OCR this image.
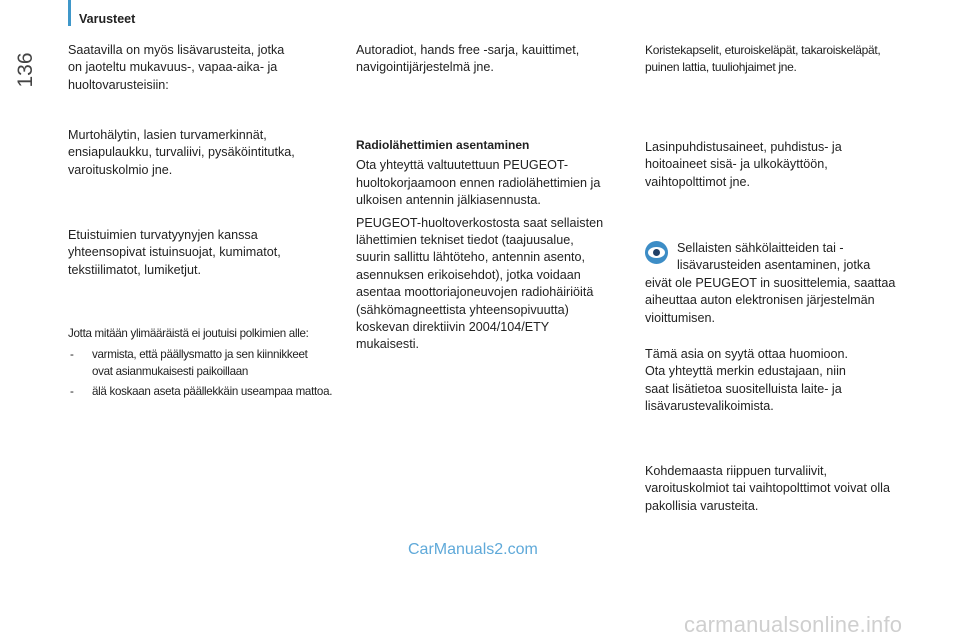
Varusteet
136

Saatavilla on myös lisävarusteita, jotka

on jaoteltu mukavuus-, vapaa-aika- ja

huoltovarusteisiin:

Murtohälytin, lasien turvamerkinnät,

ensiapulaukku, turvaliivi, pysäköintitutka,

varoituskolmio jne.

Etuistuimien turvatyynyjen kanssa

yhteensopivat istuinsuojat, kumimatot,

tekstiilimatot, lumiketjut.

Jotta mitään ylimääräistä ei joutuisi polkimien alle:

-	varmista, että päällysmatto ja sen kiinnikkeet

ovat asianmukaisesti paikoillaan

-	älä koskaan aseta päällekkäin useampaa mattoa.

Autoradiot, hands free -sarja, kauittimet,

navigointijärjestelmä jne.

Radiolähettimien asentaminen

Ota yhteyttä valtuutettuun PEUGEOT-

huoltokorjaamoon ennen radiolähettimien ja

ulkoisen antennin jälkiasennusta.

PEUGEOT-huoltoverkostosta saat sellaisten

lähettimien tekniset tiedot (taajuusalue,

suurin sallittu lähtöteho, antennin asento,

asennuksen erikoisehdot), jotka voidaan

asentaa moottoriajoneuvojen radiohäiriöitä

(sähkömagneettista yhteensopivuutta)

koskevan direktiivin 2004/104/ETY

mukaisesti.

Koristekapselit, eturoiskeläpät, takaroiskeläpät,

puinen lattia, tuuliohjaimet jne.

Lasinpuhdistusaineet, puhdistus- ja

hoitoaineet sisä- ja ulkokäyttöön,

vaihtopolttimot jne.

Sellaisten sähkölaitteiden tai -

lisävarusteiden asentaminen, jotka

eivät ole PEUGEOT in suosittelemia, saattaa

aiheuttaa auton elektronisen järjestelmän

vioittumisen.

Tämä asia on syytä ottaa huomioon.

Ota yhteyttä merkin edustajaan, niin

saat lisätietoa suositelluista laite- ja

lisävarustevalikoimista.

Kohdemaasta riippuen turvaliivit,

varoituskolmiot tai vaihtopolttimot voivat olla

pakollisia varusteita.

CarManuals2.com
carmanualsonline.info
